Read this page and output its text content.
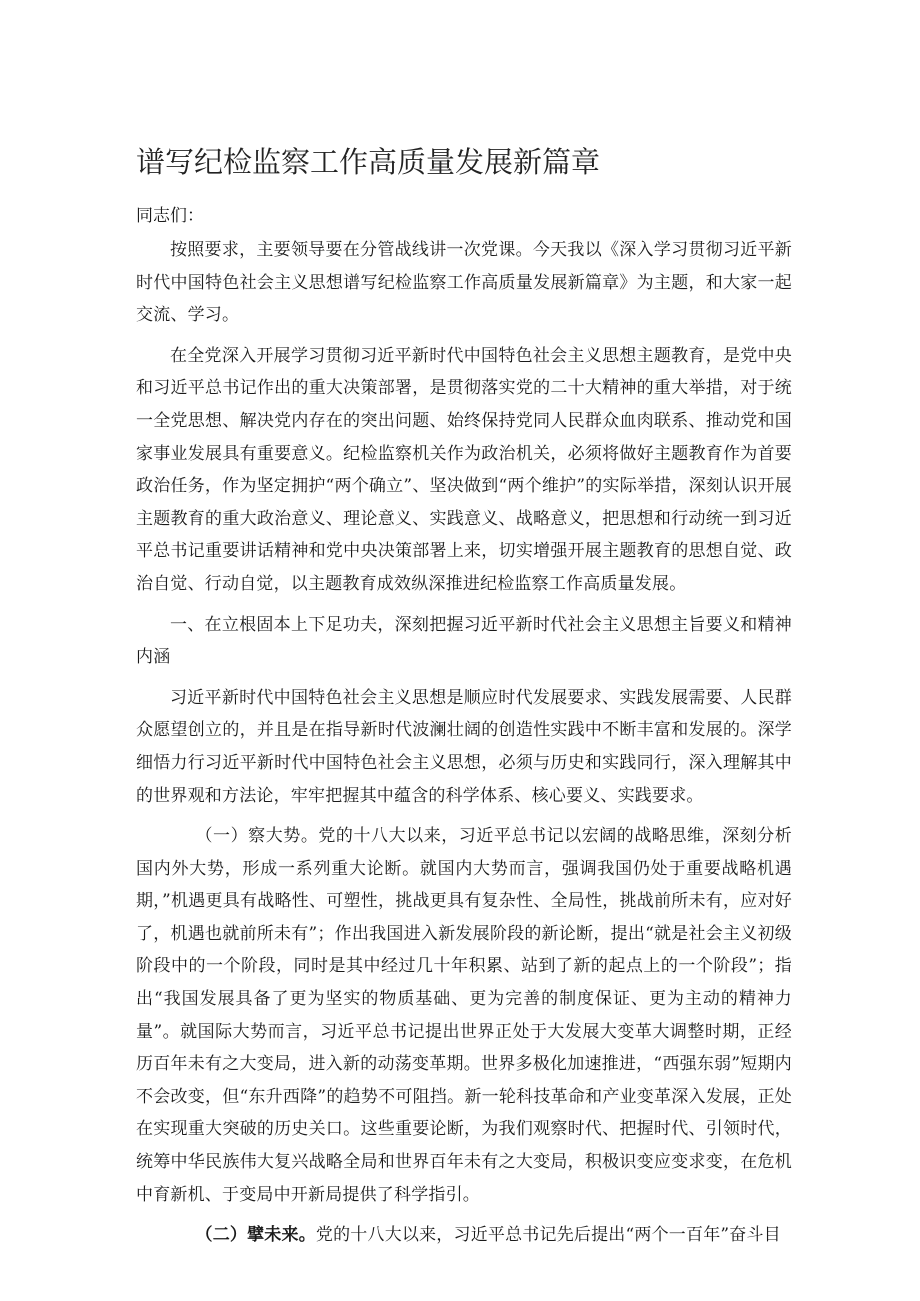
谱写纪检监察工作高质量发展新篇章

同志们：

按照要求，主要领导要在分管战线讲一次党课。今天我以《深入学习贯彻习近平新时代中国特色社会主义思想谱写纪检监察工作高质量发展新篇章》为主题，和大家一起交流、学习。

在全党深入开展学习贯彻习近平新时代中国特色社会主义思想主题教育，是党中央和习近平总书记作出的重大决策部署，是贯彻落实党的二十大精神的重大举措，对于统一全党思想、解决党内存在的突出问题、始终保持党同人民群众血肉联系、推动党和国家事业发展具有重要意义。纪检监察机关作为政治机关，必须将做好主题教育作为首要政治任务，作为坚定拥护“两个确立”、坚决做到“两个维护”的实际举措，深刻认识开展主题教育的重大政治意义、理论意义、实践意义、战略意义，把思想和行动统一到习近平总书记重要讲话精神和党中央决策部署上来，切实增强开展主题教育的思想自觉、政治自觉、行动自觉，以主题教育成效纵深推进纪检监察工作高质量发展。

一、在立根固本上下足功夫，深刻把握习近平新时代社会主义思想主旨要义和精神内涵

习近平新时代中国特色社会主义思想是顺应时代发展要求、实践发展需要、人民群众愿望创立的，并且是在指导新时代波澜壮阔的创造性实践中不断丰富和发展的。深学细悟力行习近平新时代中国特色社会主义思想，必须与历史和实践同行，深入理解其中的世界观和方法论，牢牢把握其中蕴含的科学体系、核心要义、实践要求。

（一）察大势。党的十八大以来，习近平总书记以宏阔的战略思维，深刻分析国内外大势，形成一系列重大论断。就国内大势而言，强调我国仍处于重要战略机遇期，”机遇更具有战略性、可塑性，挑战更具有复杂性、全局性，挑战前所未有，应对好了，机遇也就前所未有”；作出我国进入新发展阶段的新论断，提出“就是社会主义初级阶段中的一个阶段，同时是其中经过几十年积累、站到了新的起点上的一个阶段”；指出“我国发展具备了更为坚实的物质基础、更为完善的制度保证、更为主动的精神力量”。就国际大势而言，习近平总书记提出世界正处于大发展大变革大调整时期，正经历百年未有之大变局，进入新的动荡变革期。世界多极化加速推进，“西强东弱”短期内不会改变，但“东升西降”的趋势不可阻挡。新一轮科技革命和产业变革深入发展，正处在实现重大突破的历史关口。这些重要论断，为我们观察时代、把握时代、引领时代，统筹中华民族伟大复兴战略全局和世界百年未有之大变局，积极识变应变求变，在危机中育新机、于变局中开新局提供了科学指引。

（二）擘未来。党的十八大以来，习近平总书记先后提出“两个一百年”奋斗目
